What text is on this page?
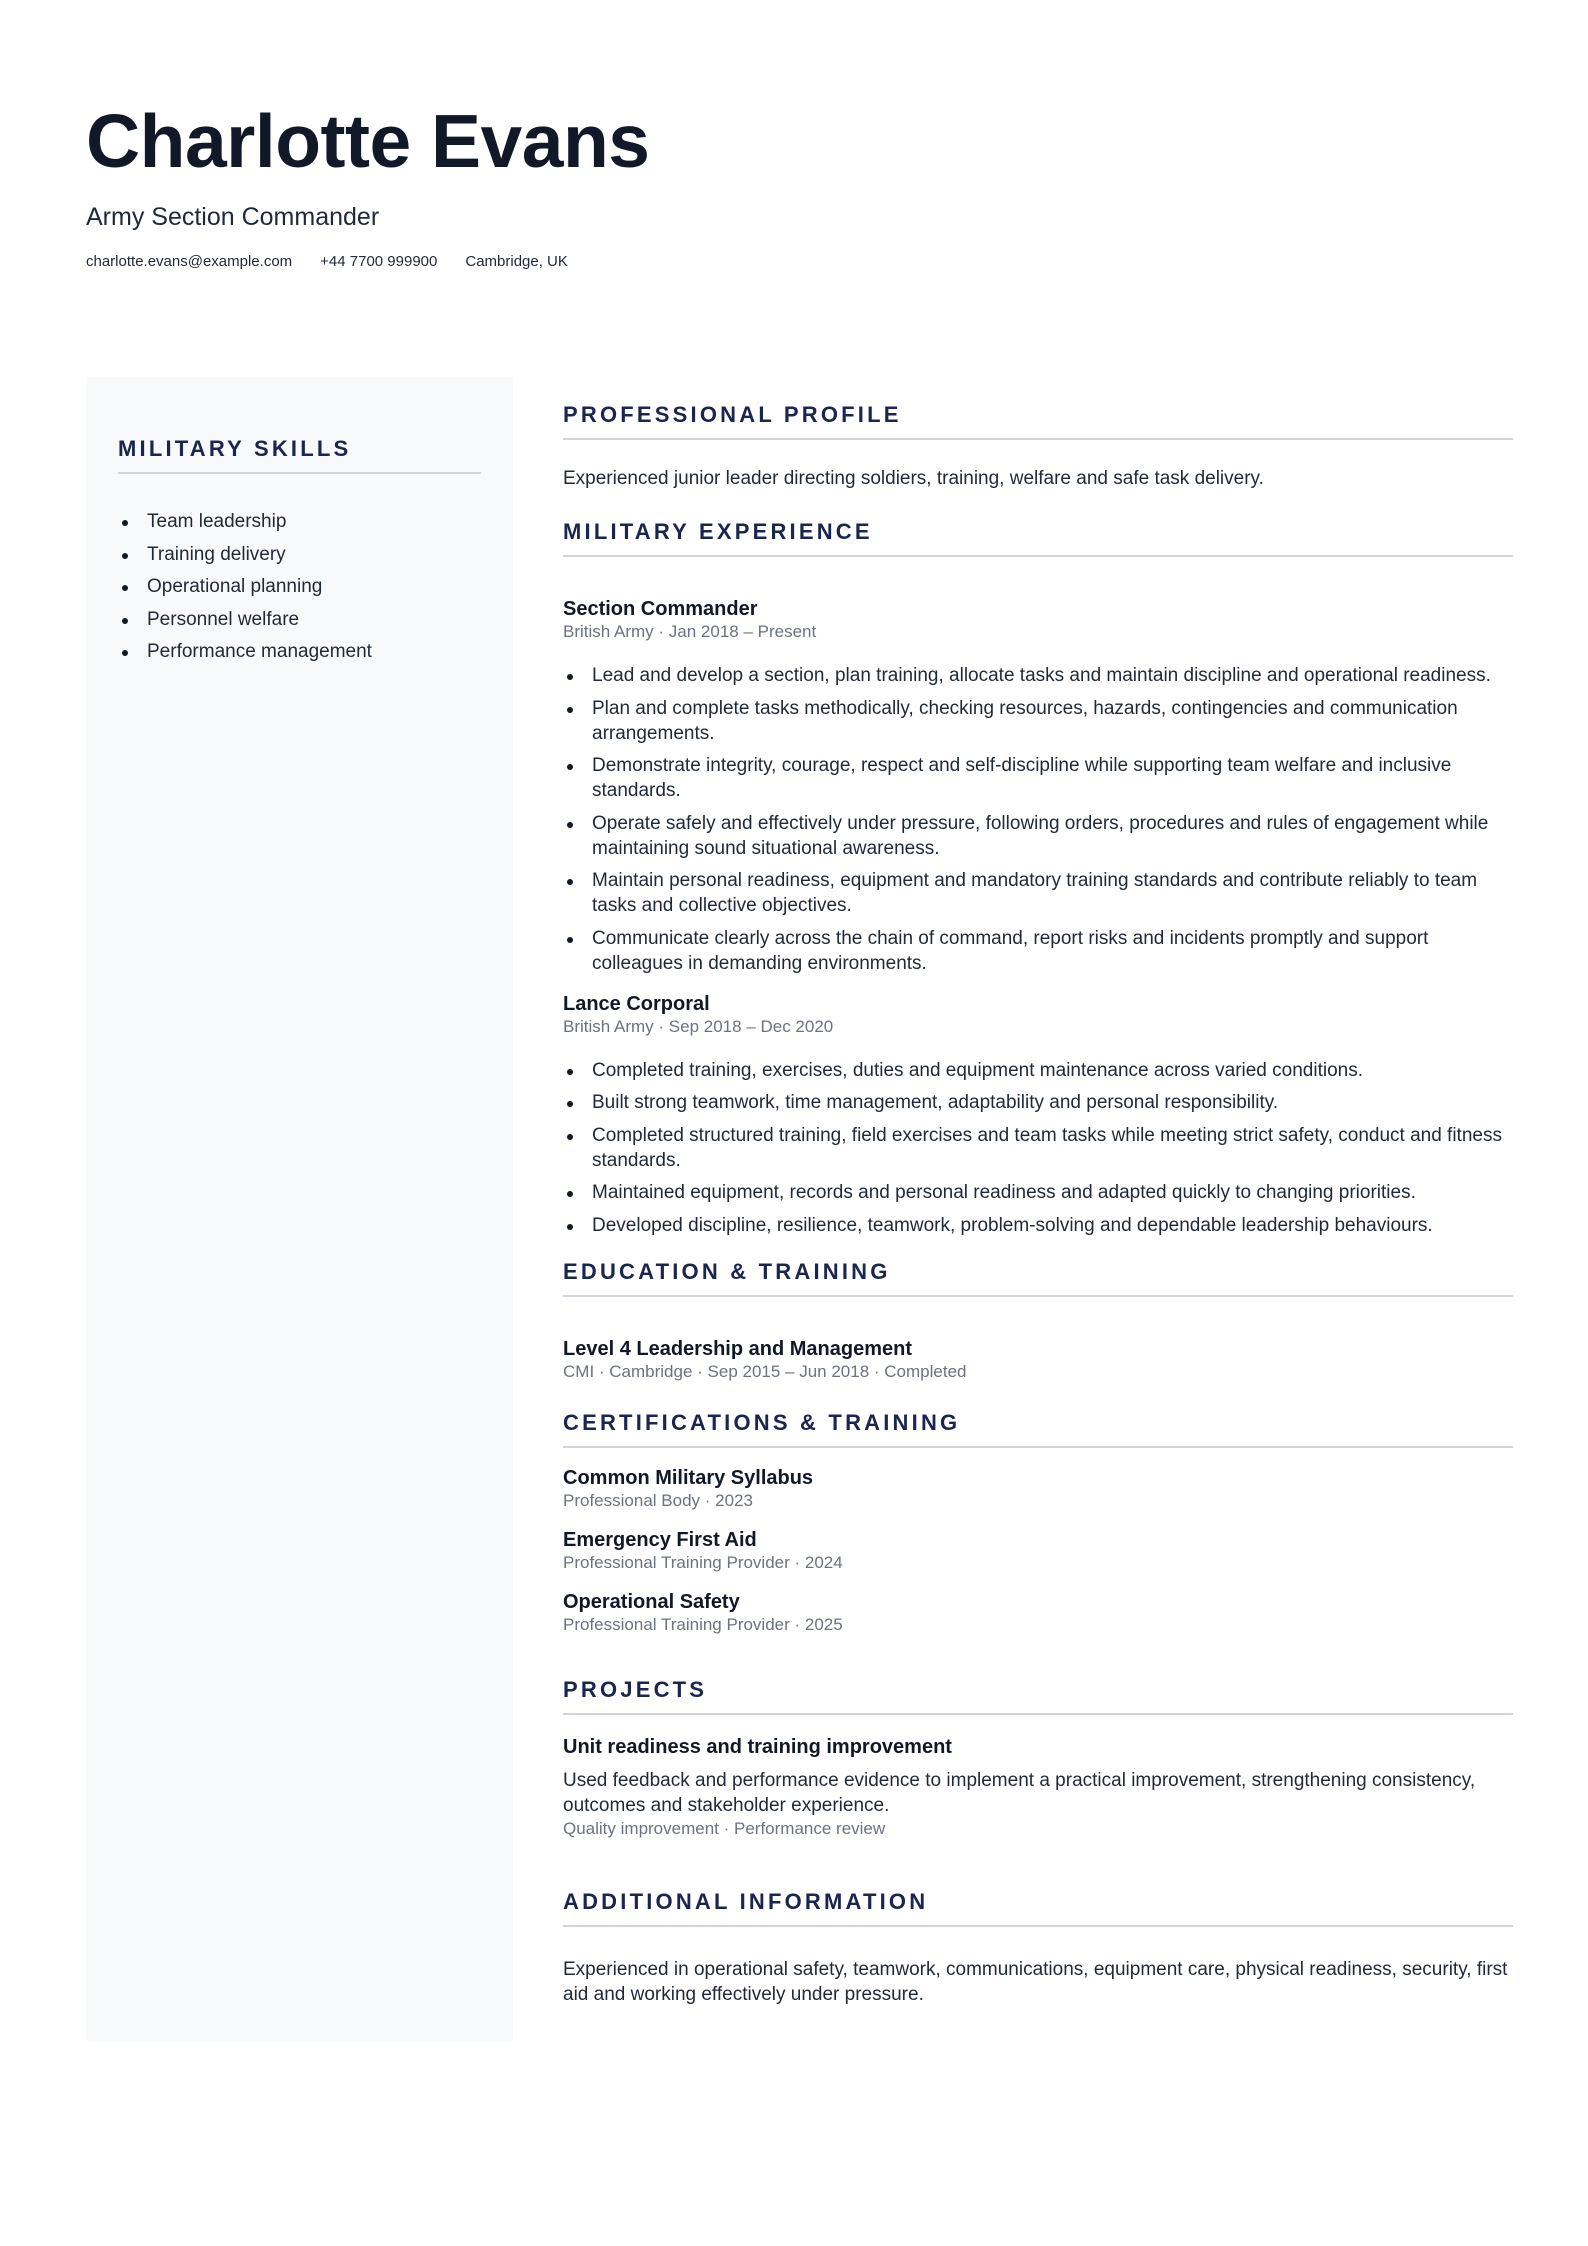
Charlotte Evans
Army Section Commander
charlotte.evans@example.com +44 7700 999900 Cambridge, UK
MILITARY SKILLS
Team leadership
Training delivery
Operational planning
Personnel welfare
Performance management
PROFESSIONAL PROFILE
Experienced junior leader directing soldiers, training, welfare and safe task delivery.
MILITARY EXPERIENCE
Section Commander
British Army · Jan 2018 – Present
Lead and develop a section, plan training, allocate tasks and maintain discipline and operational readiness.
Plan and complete tasks methodically, checking resources, hazards, contingencies and communication arrangements.
Demonstrate integrity, courage, respect and self-discipline while supporting team welfare and inclusive standards.
Operate safely and effectively under pressure, following orders, procedures and rules of engagement while maintaining sound situational awareness.
Maintain personal readiness, equipment and mandatory training standards and contribute reliably to team tasks and collective objectives.
Communicate clearly across the chain of command, report risks and incidents promptly and support colleagues in demanding environments.
Lance Corporal
British Army · Sep 2018 – Dec 2020
Completed training, exercises, duties and equipment maintenance across varied conditions.
Built strong teamwork, time management, adaptability and personal responsibility.
Completed structured training, field exercises and team tasks while meeting strict safety, conduct and fitness standards.
Maintained equipment, records and personal readiness and adapted quickly to changing priorities.
Developed discipline, resilience, teamwork, problem-solving and dependable leadership behaviours.
EDUCATION & TRAINING
Level 4 Leadership and Management
CMI · Cambridge · Sep 2015 – Jun 2018 · Completed
CERTIFICATIONS & TRAINING
Common Military Syllabus
Professional Body · 2023
Emergency First Aid
Professional Training Provider · 2024
Operational Safety
Professional Training Provider · 2025
PROJECTS
Unit readiness and training improvement
Used feedback and performance evidence to implement a practical improvement, strengthening consistency, outcomes and stakeholder experience.
Quality improvement · Performance review
ADDITIONAL INFORMATION
Experienced in operational safety, teamwork, communications, equipment care, physical readiness, security, first aid and working effectively under pressure.
